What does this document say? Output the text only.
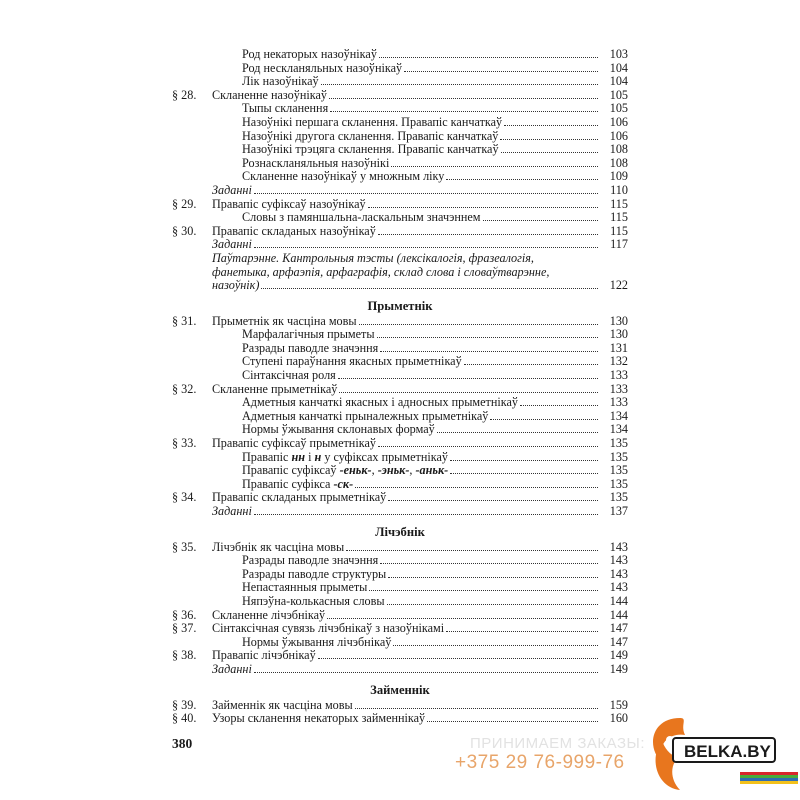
Род некаторых назоўнікаў	103
Род нескланяльных назоўнікаў	104
Лік назоўнікаў	104
§ 28. Скланенне назоўнікаў	105
Тыпы скланення	105
Назоўнікі першага скланення. Правапіс канчаткаў	106
Назоўнікі другога скланення. Правапіс канчаткаў	106
Назоўнікі трэцяга скланення. Правапіс канчаткаў	108
Рознаскланяльныя назоўнікі	108
Скланенне назоўнікаў у множным ліку	109
Заданні	110
§ 29. Правапіс суфіксаў назоўнікаў	115
Словы з памяншальна-ласкальным значэннем	115
§ 30. Правапіс складаных назоўнікаў	115
Заданні	117
Паўтарэнне. Кантрольныя тэсты (лексікалогія, фразеалогія,
фанетыка, арфаэпія, арфаграфія, склад слова і словаўтварэнне,
назоўнік)	122
Прыметнік
§ 31. Прыметнік як часціна мовы	130
Марфалагічныя прыметы	130
Разрады паводле значэння	131
Ступені параўнання якасных прыметнікаў	132
Сінтаксічная роля	133
§ 32. Скланенне прыметнікаў	133
Адметныя канчаткі якасных і адносных прыметнікаў	133
Адметныя канчаткі прыналежных прыметнікаў	134
Нормы ўжывання склонавых формаў	134
§ 33. Правапіс суфіксаў прыметнікаў	135
Правапіс нн і н у суфіксах прыметнікаў	135
Правапіс суфіксаў -еньк-, -эньк-, -аньк-	135
Правапіс суфікса -ск-	135
§ 34. Правапіс складаных прыметнікаў	135
Заданні	137
Лічэбнік
§ 35. Лічэбнік як часціна мовы	143
Разрады паводле значэння	143
Разрады паводле структуры	143
Непастаянныя прыметы	143
Няпэўна-колькасныя словы	144
§ 36. Скланенне лічэбнікаў	144
§ 37. Сінтаксічная сувязь лічэбнікаў з назоўнікамі	147
Нормы ўжывання лічэбнікаў	147
§ 38. Правапіс лічэбнікаў	149
Заданні	149
Займеннік
§ 39. Займеннік як часціна мовы	159
§ 40. Узоры скланення некаторых займеннікаў	160
380	ПРИНИМАЕМ ЗАКАЗЫ:
+375 29 76-999-76
BELKA.BY
